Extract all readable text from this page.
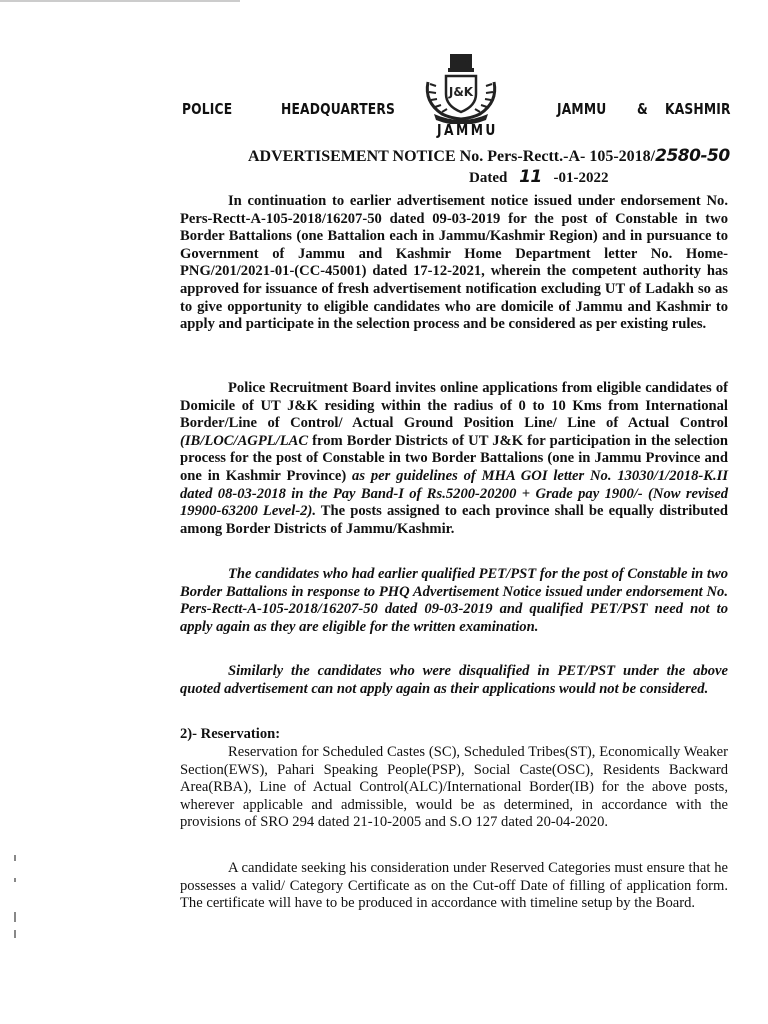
POLICE	HEADQUARTERS
J&K
JAMMU & KASHMIR
JAMMU
ADVERTISEMENT NOTICE No. Pers-Rectt.-A- 105-2018/2580-50
Dated 11 -01-2022

In continuation to earlier advertisement notice issued under endorsement No. Pers-Rectt-A-105-2018/16207-50 dated 09-03-2019 for the post of Constable in two Border Battalions (one Battalion each in Jammu/Kashmir Region) and in pursuance to Government of Jammu and Kashmir Home Department letter No. Home-PNG/201/2021-01-(CC-45001) dated 17-12-2021, wherein the competent authority has approved for issuance of fresh advertisement notification excluding UT of Ladakh so as to give opportunity to eligible candidates who are domicile of Jammu and Kashmir to apply and participate in the selection process and be considered as per existing rules.

Police Recruitment Board invites online applications from eligible candidates of Domicile of UT J&K residing within the radius of 0 to 10 Kms from International Border/Line of Control/ Actual Ground Position Line/ Line of Actual Control (IB/LOC/AGPL/LAC from Border Districts of UT J&K for participation in the selection process for the post of Constable in two Border Battalions (one in Jammu Province and one in Kashmir Province) as per guidelines of MHA GOI letter No. 13030/1/2018-K.II dated 08-03-2018 in the Pay Band-I of Rs.5200-20200 + Grade pay 1900/- (Now revised 19900-63200 Level-2). The posts assigned to each province shall be equally distributed among Border Districts of Jammu/Kashmir.

The candidates who had earlier qualified PET/PST for the post of Constable in two Border Battalions in response to PHQ Advertisement Notice issued under endorsement No. Pers-Rectt-A-105-2018/16207-50 dated 09-03-2019 and qualified PET/PST need not to apply again as they are eligible for the written examination.

Similarly the candidates who were disqualified in PET/PST under the above quoted advertisement can not apply again as their applications would not be considered.

2)- Reservation:

Reservation for Scheduled Castes (SC), Scheduled Tribes(ST), Economically Weaker Section(EWS), Pahari Speaking People(PSP), Social Caste(OSC), Residents Backward Area(RBA), Line of Actual Control(ALC)/International Border(IB) for the above posts, wherever applicable and admissible, would be as determined, in accordance with the provisions of SRO 294 dated 21-10-2005 and S.O 127 dated 20-04-2020.

A candidate seeking his consideration under Reserved Categories must ensure that he possesses a valid/ Category Certificate as on the Cut-off Date of filling of application form. The certificate will have to be produced in accordance with timeline setup by the Board.
